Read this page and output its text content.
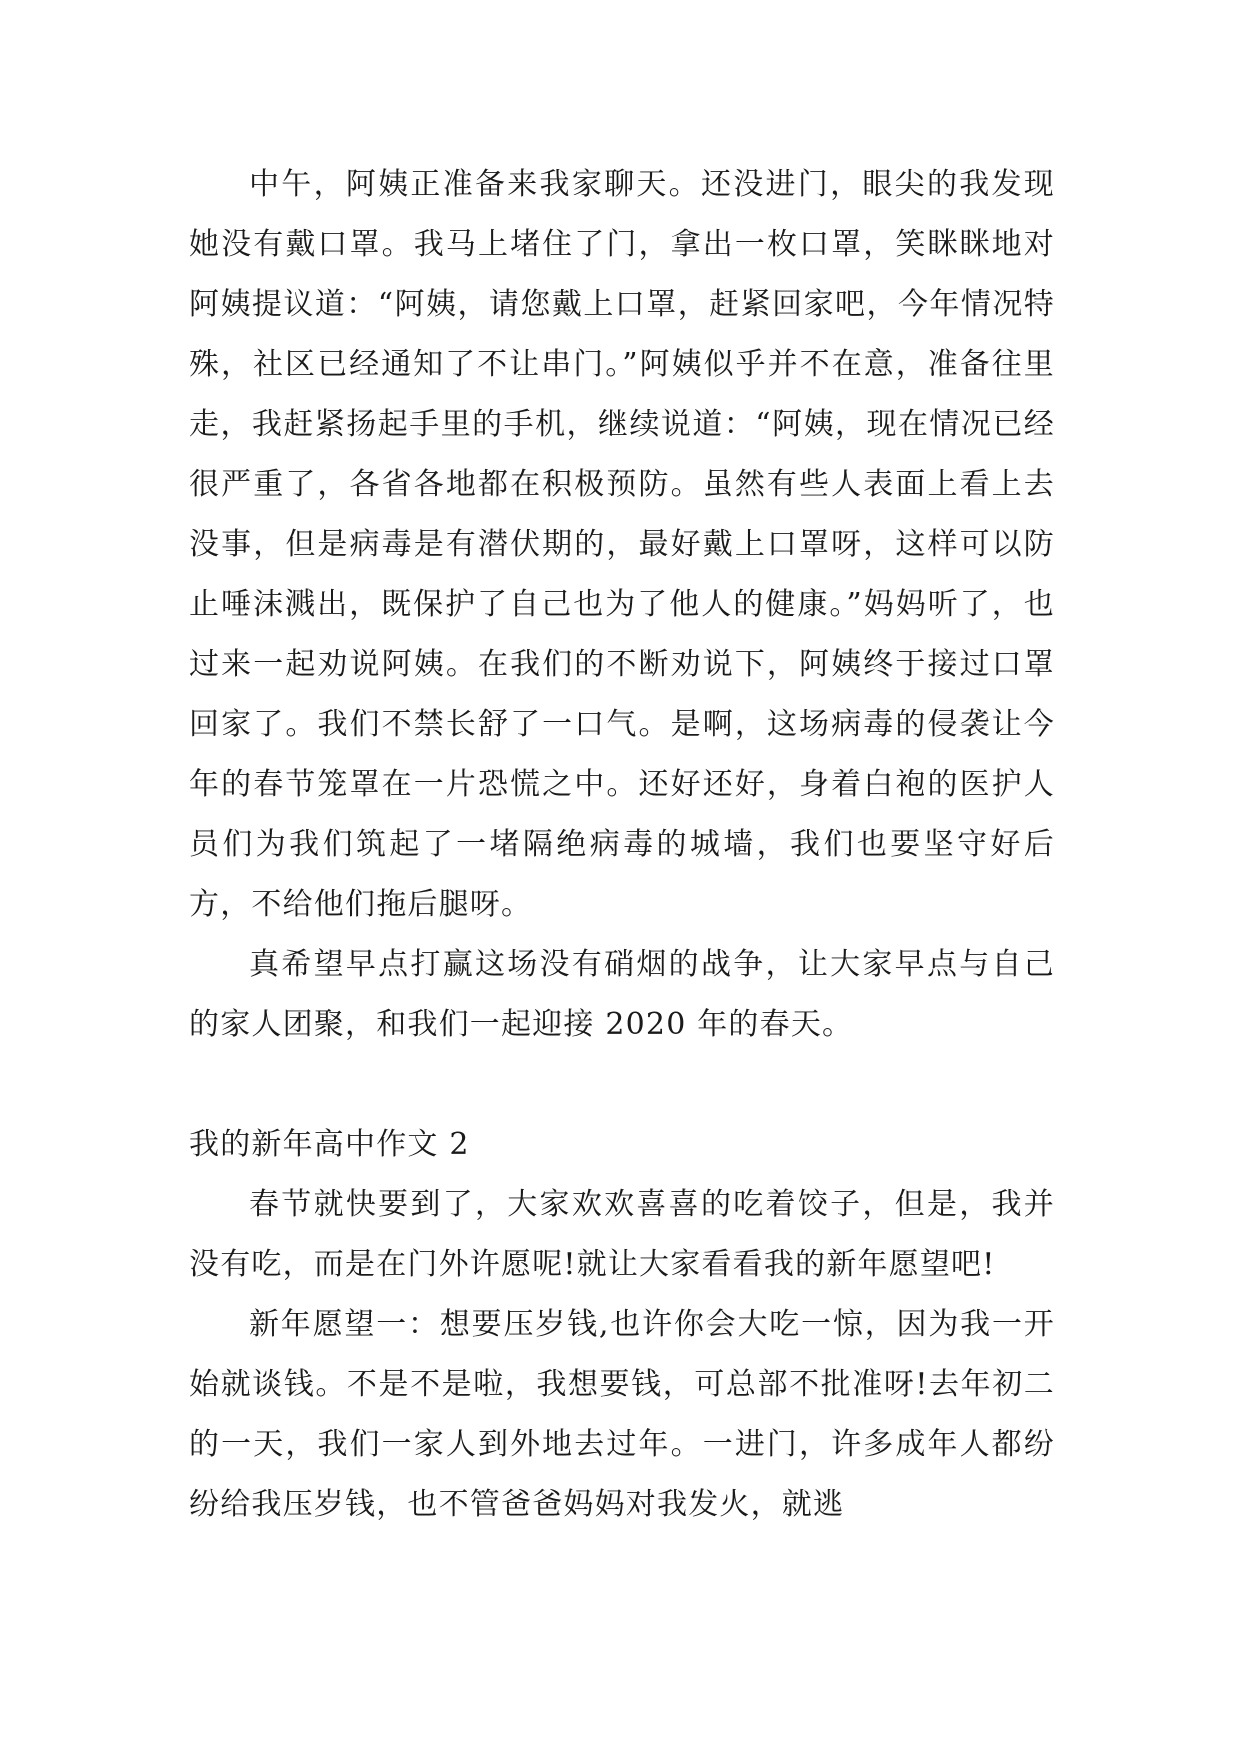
中午，阿姨正准备来我家聊天。还没进门，眼尖的我发现她没有戴口罩。我马上堵住了门，拿出一枚口罩，笑眯眯地对阿姨提议道：“阿姨，请您戴上口罩，赶紧回家吧，今年情况特殊，社区已经通知了不让串门。”阿姨似乎并不在意，准备往里走，我赶紧扬起手里的手机，继续说道：“阿姨，现在情况已经很严重了，各省各地都在积极预防。虽然有些人表面上看上去没事，但是病毒是有潜伏期的，最好戴上口罩呀，这样可以防止唾沫溅出，既保护了自己也为了他人的健康。”妈妈听了，也过来一起劝说阿姨。在我们的不断劝说下，阿姨终于接过口罩回家了。我们不禁长舒了一口气。是啊，这场病毒的侵袭让今年的春节笼罩在一片恐慌之中。还好还好，身着白袍的医护人员们为我们筑起了一堵隔绝病毒的城墙，我们也要坚守好后方，不给他们拖后腿呀。

真希望早点打赢这场没有硝烟的战争，让大家早点与自己的家人团聚，和我们一起迎接 2020 年的春天。

我的新年高中作文 2

春节就快要到了，大家欢欢喜喜的吃着饺子，但是，我并没有吃，而是在门外许愿呢!就让大家看看我的新年愿望吧!

新年愿望一：想要压岁钱,也许你会大吃一惊，因为我一开始就谈钱。不是不是啦，我想要钱，可总部不批准呀!去年初二的一天，我们一家人到外地去过年。一进门，许多成年人都纷纷给我压岁钱，也不管爸爸妈妈对我发火，就逃
